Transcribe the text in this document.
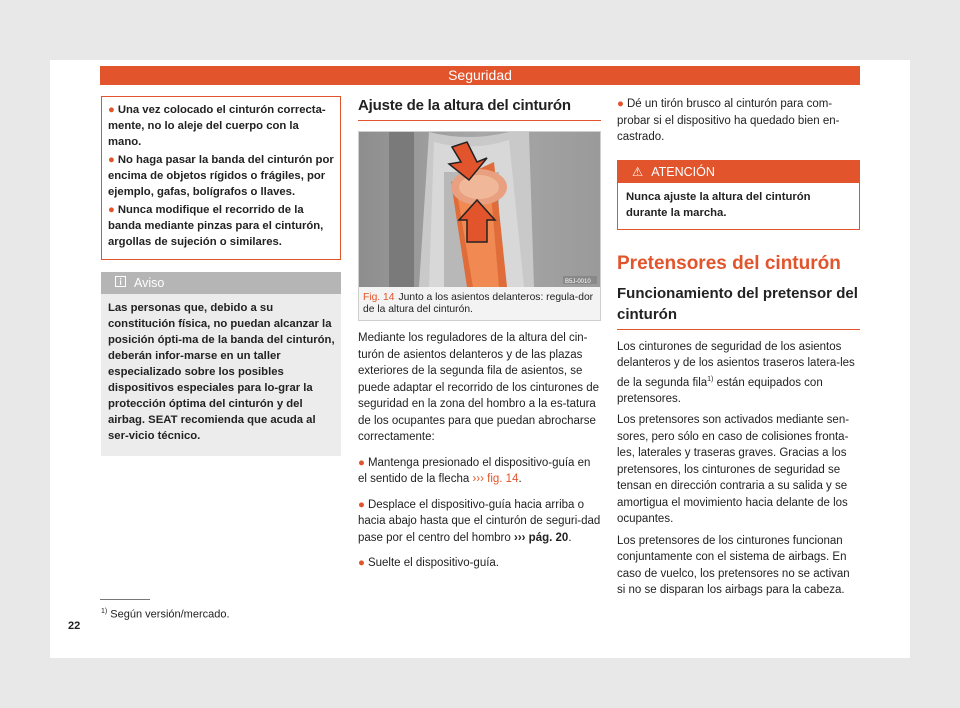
Seguridad

● Una vez colocado el cinturón correcta-mente, no lo aleje del cuerpo con la mano.

● No haga pasar la banda del cinturón por encima de objetos rígidos o frágiles, por ejemplo, gafas, bolígrafos o llaves.

● Nunca modifique el recorrido de la banda mediante pinzas para el cinturón, argollas de sujeción o similares.

Aviso
Las personas que, debido a su constitución física, no puedan alcanzar la posición ópti-ma de la banda del cinturón, deberán infor-marse en un taller especializado sobre los posibles dispositivos especiales para lo-grar la protección óptima del cinturón y del airbag. SEAT recomienda que acuda al ser-vicio técnico.
Ajuste de la altura del cinturón
B5J-0010
Fig. 14 Junto a los asientos delanteros: regula-dor de la altura del cinturón.

Mediante los reguladores de la altura del cin-turón de asientos delanteros y de las plazas exteriores de la segunda fila de asientos, se puede adaptar el recorrido de los cinturones de seguridad en la zona del hombro a la es-tatura de los ocupantes para que puedan abrocharse correctamente:

● Mantenga presionado el dispositivo-guía en el sentido de la flecha ››› fig. 14.

● Desplace el dispositivo-guía hacia arriba o hacia abajo hasta que el cinturón de seguri-dad pase por el centro del hombro ››› pág. 20.

● Suelte el dispositivo-guía.

● Dé un tirón brusco al cinturón para com-probar si el dispositivo ha quedado bien en-castrado.

⚠ ATENCIÓN
Nunca ajuste la altura del cinturón durante la marcha.
Pretensores del cinturón
Funcionamiento del pretensor del cinturón

Los cinturones de seguridad de los asientos delanteros y de los asientos traseros latera-les de la segunda fila$^{1)}$ están equipados con pretensores.

Los pretensores son activados mediante sen-sores, pero sólo en caso de colisiones fronta-les, laterales y traseras graves. Gracias a los pretensores, los cinturones de seguridad se tensan en dirección contraria a su salida y se amortigua el movimiento hacia delante de los ocupantes.

Los pretensores de los cinturones funcionan conjuntamente con el sistema de airbags. En caso de vuelco, los pretensores no se activan si no se disparan los airbags para la cabeza.

$^{1)}$ Según versión/mercado.
22
